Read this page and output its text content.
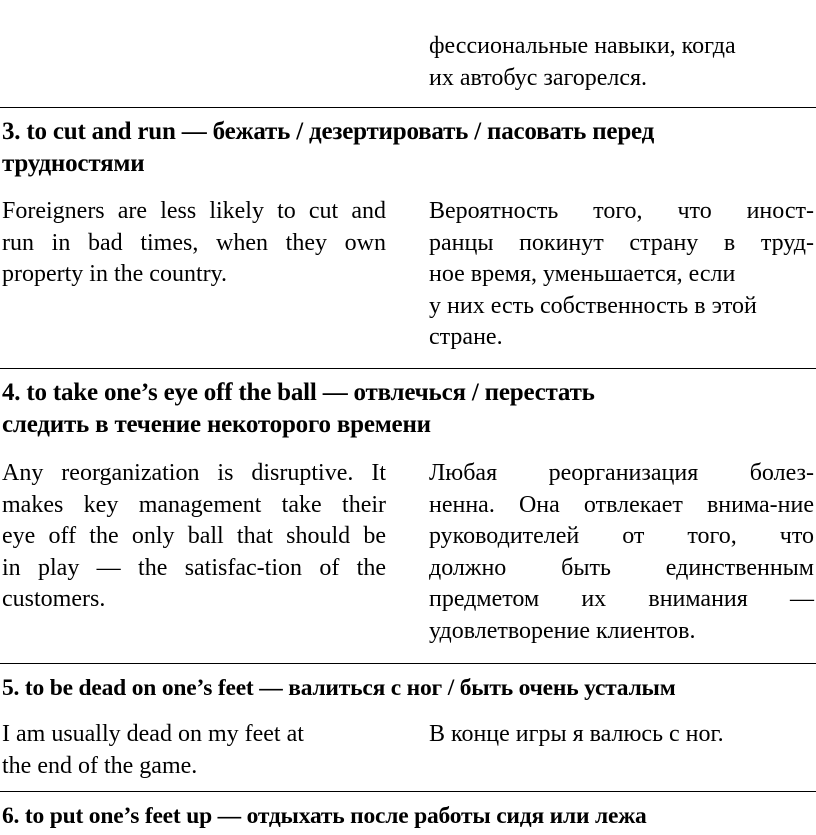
фессиональные навыки, когда
их автобус загорелся.
3. to cut and run — бежать / дезертировать / пасовать перед
трудностями
Foreigners are less likely to cut and
run in bad times, when they own
property in the country.
Вероятность того, что иност-
ранцы покинут страну в труд-
ное время, уменьшается, если
у них есть собственность в этой
стране.
4. to take one’s eye off the ball — отвлечься / перестать
следить в течение некоторого времени
Any reorganization is disruptive. It
makes key management take their
eye off the only ball that should be
in play — the satisfac-tion of the
customers.
Любая реорганизация болез-
ненна. Она отвлекает внима-ние
руководителей от того, что
должно быть единственным
предметом их внимания —
удовлетворение клиентов.
5. to be dead on one’s feet — валиться с ног / быть очень усталым
I am usually dead on my feet at
the end of the game.
В конце игры я валюсь с ног.
6. to put one’s feet up — отдыхать после работы сидя или лежа
